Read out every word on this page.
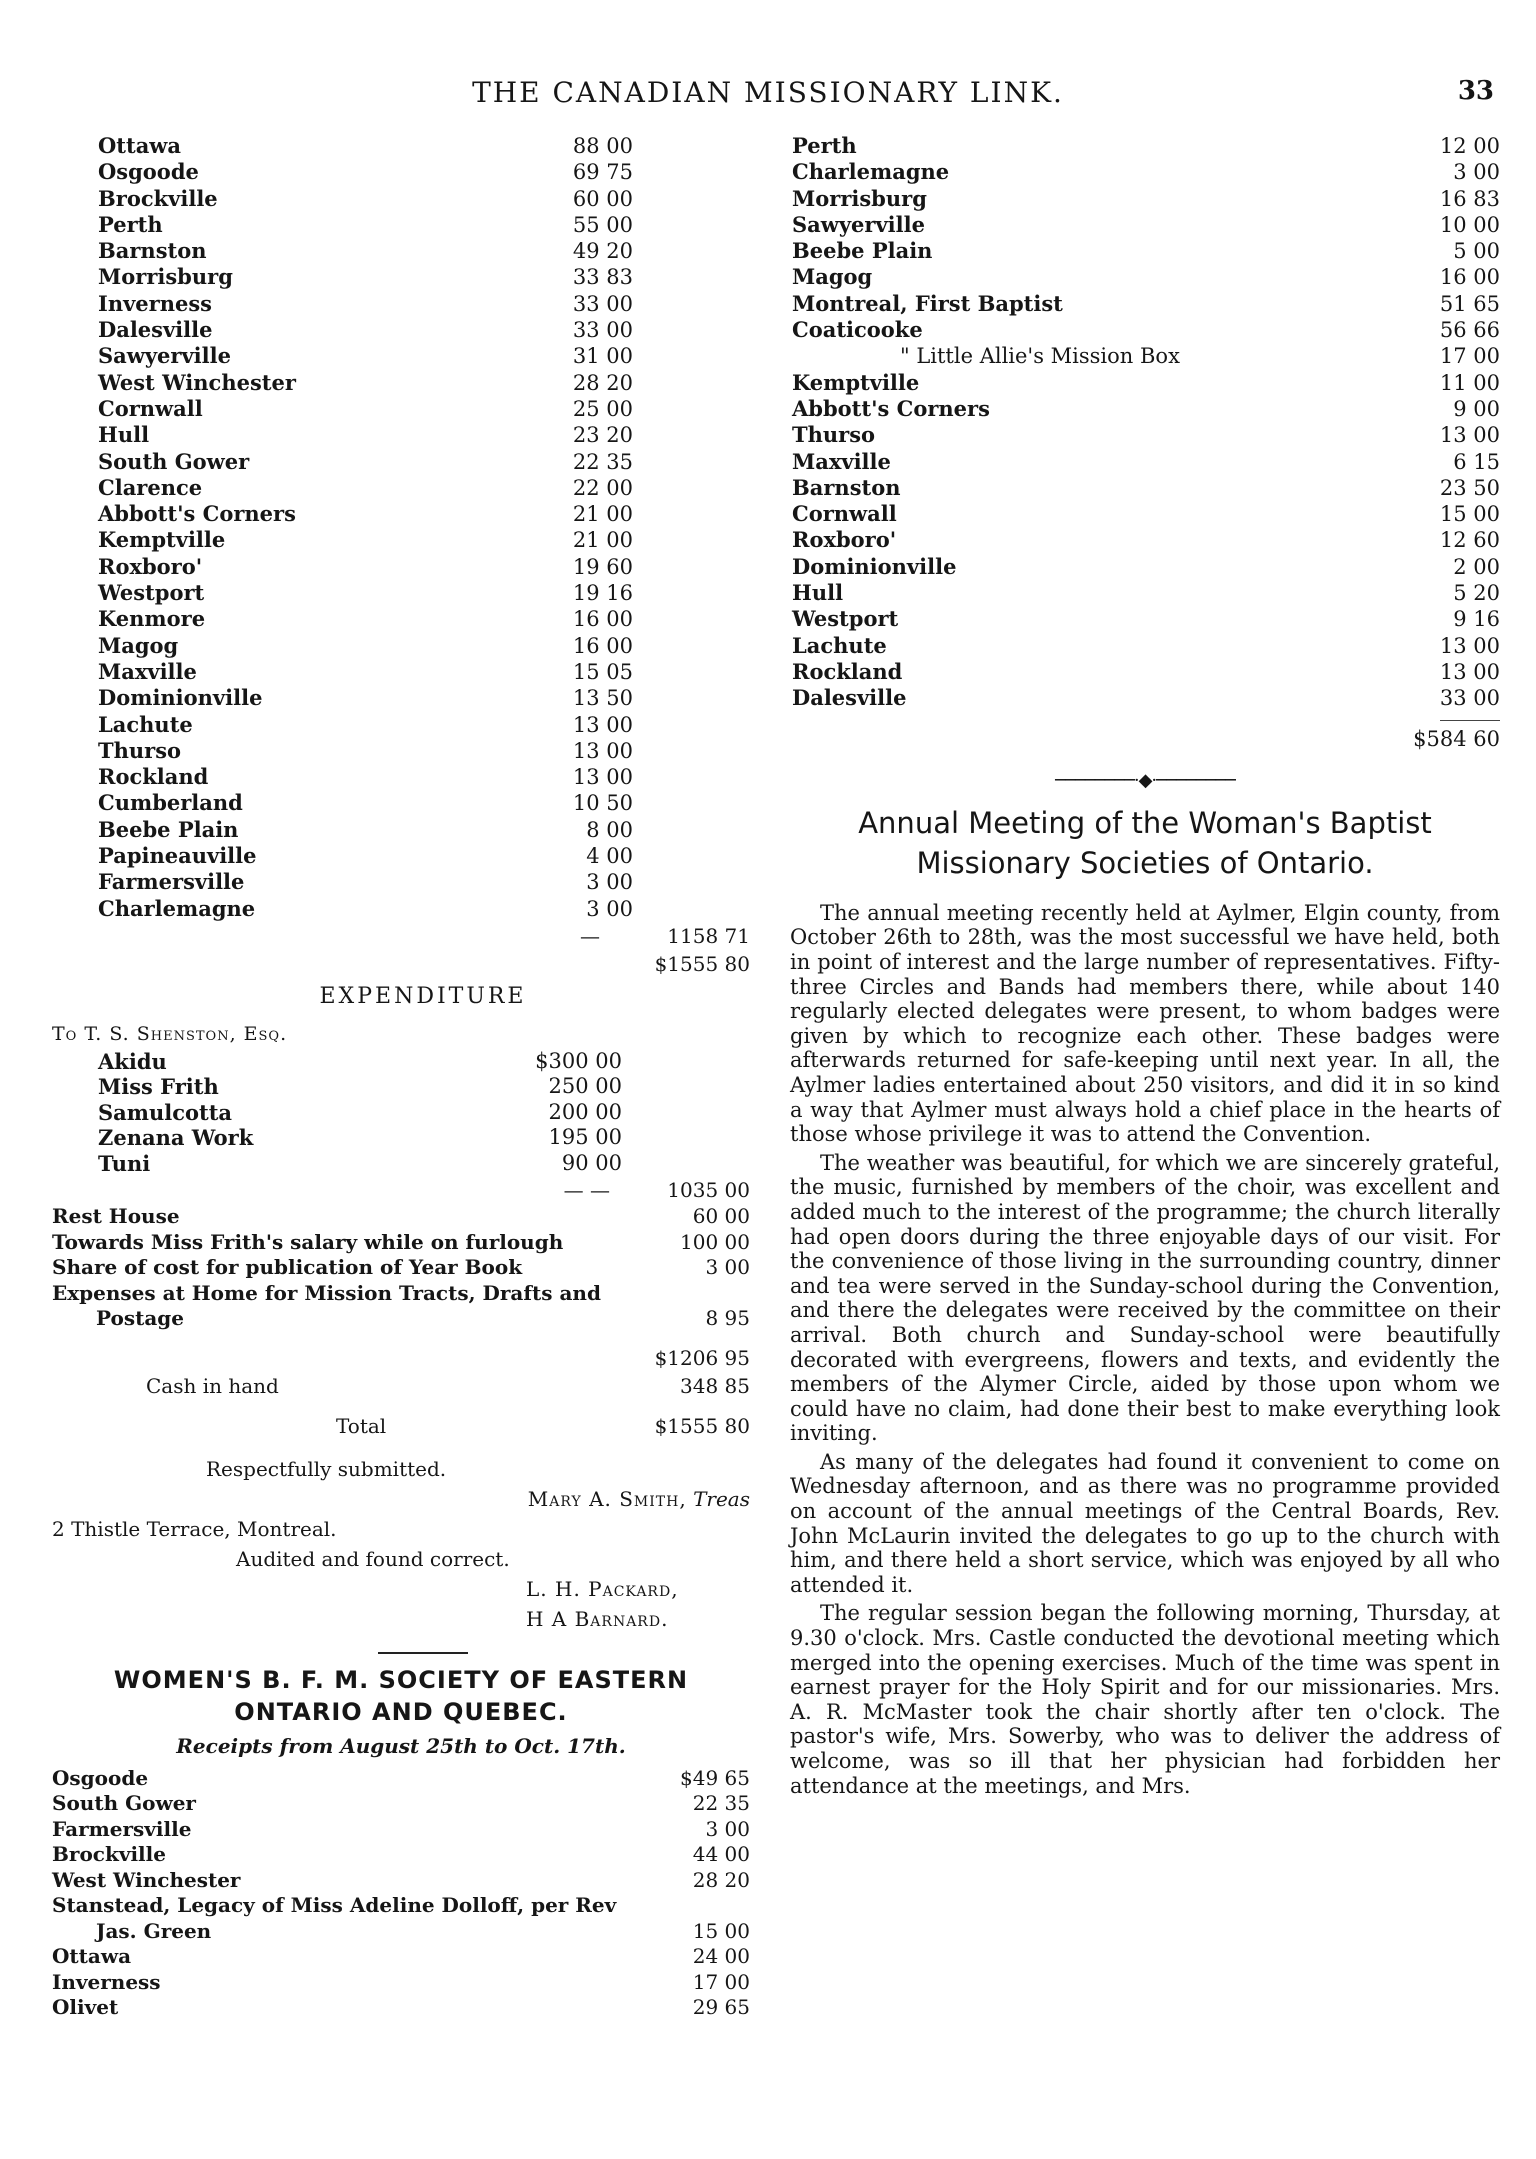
THE CANADIAN MISSIONARY LINK.	33
Ottawa	88 00
Osgoode	69 75
Brockville	60 00
Perth	55 00
Barnston	49 20
Morrisburg	33 83
Inverness	33 00
Dalesville	33 00
Sawyerville	31 00
West Winchester	28 20
Cornwall	25 00
Hull	23 20
South Gower	22 35
Clarence	22 00
Abbott's Corners	21 00
Kemptville	21 00
Roxboro'	19 60
Westport	19 16
Kenmore	16 00
Magog	16 00
Maxville	15 05
Dominionville	13 50
Lachute	13 00
Thurso	13 00
Rockland	13 00
Cumberland	10 50
Beebe Plain	8 00
Papineauville	4 00
Farmersville	3 00
Charlemagne	3 00
—	1158 71
$1555 80
EXPENDITURE
To T. S. Shenston, Esq.
Akidu	$300 00
Miss Frith	250 00
Samulcotta	200 00
Zenana Work	195 00
Tuni	90 00
— —	1035 00
Rest House	60 00
Towards Miss Frith's salary while on furlough	100 00
Share of cost for publication of Year Book	3 00
Expenses at Home for Mission Tracts, Drafts and
Postage	8 95
$1206 95
Cash in hand	348 85
Total	$1555 80
Respectfully submitted.
Mary A. Smith, Treas
2 Thistle Terrace, Montreal.
Audited and found correct.
L. H. Packard,
H A Barnard.
WOMEN'S B. F. M. SOCIETY OF EASTERN
ONTARIO AND QUEBEC.
Receipts from August 25th to Oct. 17th.
Osgoode	$49 65
South Gower	22 35
Farmersville	3 00
Brockville	44 00
West Winchester	28 20
Stanstead, Legacy of Miss Adeline Dolloff, per Rev
Jas. Green	15 00
Ottawa	24 00
Inverness	17 00
Olivet	29 65
Perth	12 00
Charlemagne	3 00
Morrisburg	16 83
Sawyerville	10 00
Beebe Plain	5 00
Magog	16 00
Montreal, First Baptist	51 65
Coaticooke	56 66
" Little Allie's Mission Box	17 00
Kemptville	11 00
Abbott's Corners	9 00
Thurso	13 00
Maxville	6 15
Barnston	23 50
Cornwall	15 00
Roxboro'	12 60
Dominionville	2 00
Hull	5 20
Westport	9 16
Lachute	13 00
Rockland	13 00
Dalesville	33 00
$584 60
────────·◆·────────
Annual Meeting of the Woman's Baptist
Missionary Societies of Ontario.

The annual meeting recently held at Aylmer, Elgin county, from October 26th to 28th, was the most successful we have held, both in point of interest and the large number of representatives. Fifty-three Circles and Bands had members there, while about 140 regularly elected delegates were present, to whom badges were given by which to recognize each other. These badges were afterwards returned for safe-keeping until next year. In all, the Aylmer ladies entertained about 250 visitors, and did it in so kind a way that Aylmer must always hold a chief place in the hearts of those whose privilege it was to attend the Convention.

The weather was beautiful, for which we are sincerely grateful, the music, furnished by members of the choir, was excellent and added much to the interest of the programme; the church literally had open doors during the three enjoyable days of our visit. For the convenience of those living in the surrounding country, dinner and tea were served in the Sunday-school during the Convention, and there the delegates were received by the committee on their arrival. Both church and Sunday-school were beautifully decorated with evergreens, flowers and texts, and evidently the members of the Alymer Circle, aided by those upon whom we could have no claim, had done their best to make everything look inviting.

As many of the delegates had found it convenient to come on Wednesday afternoon, and as there was no programme provided on account of the annual meetings of the Central Boards, Rev. John McLaurin invited the delegates to go up to the church with him, and there held a short service, which was enjoyed by all who attended it.

The regular session began the following morning, Thursday, at 9.30 o'clock. Mrs. Castle conducted the devotional meeting which merged into the opening exercises. Much of the time was spent in earnest prayer for the Holy Spirit and for our missionaries. Mrs. A. R. McMaster took the chair shortly after ten o'clock. The pastor's wife, Mrs. Sowerby, who was to deliver the address of welcome, was so ill that her physician had forbidden her attendance at the meetings, and Mrs.
